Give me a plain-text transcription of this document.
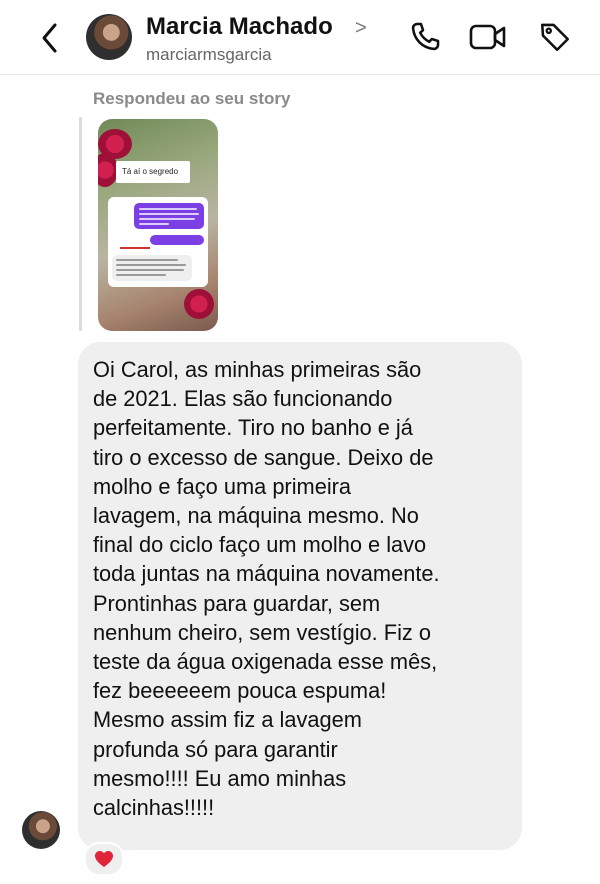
Marcia Machado >
marciarmsgarcia
Respondeu ao seu story
Tá aí o segredo

Oi Carol, as minhas primeiras são
de 2021. Elas são funcionando
perfeitamente. Tiro no banho e já
tiro o excesso de sangue. Deixo de
molho e faço uma primeira
lavagem, na máquina mesmo. No
final do ciclo faço um molho e lavo
toda juntas na máquina novamente.
Prontinhas para guardar, sem
nenhum cheiro, sem vestígio. Fiz o
teste da água oxigenada esse mês,
fez beeeeeem pouca espuma!
Mesmo assim fiz a lavagem
profunda só para garantir
mesmo!!!! Eu amo minhas
calcinhas!!!!!
